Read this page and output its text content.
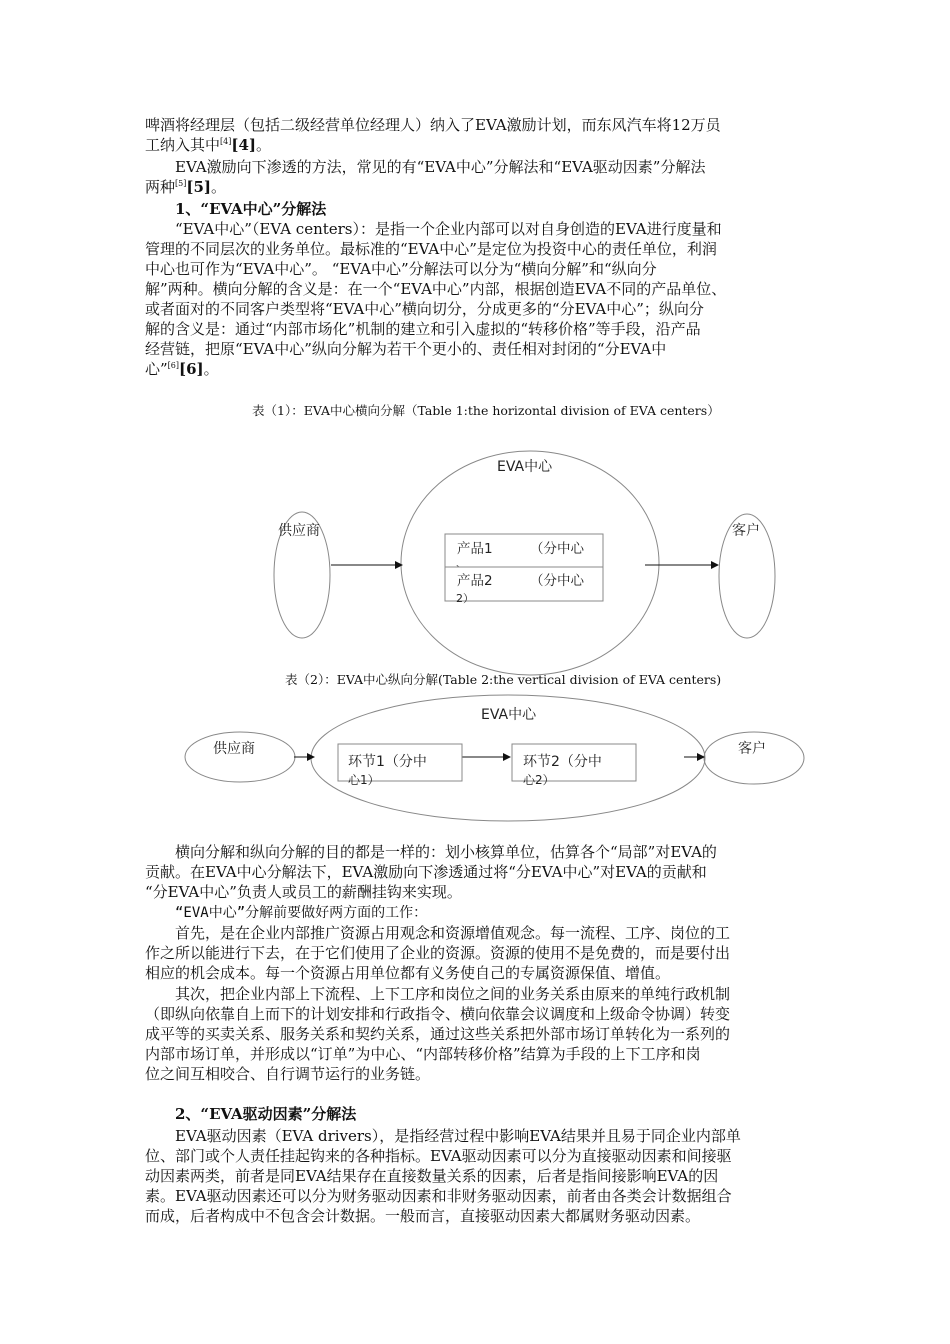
啤酒将经理层（包括二级经营单位经理人）纳入了EVA激励计划，而东风汽车将12万员
工纳入其中[4][4]。
EVA激励向下渗透的方法，常见的有“EVA中心”分解法和“EVA驱动因素”分解法
两种[5][5]。
1、“EVA中心”分解法
“EVA中心”（EVA centers）：是指一个企业内部可以对自身创造的EVA进行度量和
管理的不同层次的业务单位。最标准的“EVA中心”是定位为投资中心的责任单位，利润
中心也可作为“EVA中心”。 “EVA中心”分解法可以分为“横向分解”和“纵向分
解”两种。横向分解的含义是：在一个“EVA中心”内部，根据创造EVA不同的产品单位、
或者面对的不同客户类型将“EVA中心”横向切分，分成更多的“分EVA中心”；纵向分
解的含义是：通过“内部市场化”机制的建立和引入虚拟的“转移价格”等手段，沿产品
经营链，把原“EVA中心”纵向分解为若干个更小的、责任相对封闭的“分EVA中
心”[6][6]。
表（1）：EVA中心横向分解（Table 1:the horizontal division of EVA centers）
供应商
EVA中心
客户
产品1	（分中心
、
产品2	（分中心
2）
供应商
EVA中心
客户
环节1（分中
心1）
环节2（分中
心2）
表（2）：EVA中心纵向分解(Table 2:the vertical division of EVA centers)
横向分解和纵向分解的目的都是一样的：划小核算单位，估算各个“局部”对EVA的
贡献。在EVA中心分解法下，EVA激励向下渗透通过将“分EVA中心”对EVA的贡献和
“分EVA中心”负责人或员工的薪酬挂钩来实现。
“EVA中心”分解前要做好两方面的工作：
首先，是在企业内部推广资源占用观念和资源增值观念。每一流程、工序、岗位的工
作之所以能进行下去，在于它们使用了企业的资源。资源的使用不是免费的，而是要付出
相应的机会成本。每一个资源占用单位都有义务使自己的专属资源保值、增值。
其次，把企业内部上下流程、上下工序和岗位之间的业务关系由原来的单纯行政机制
（即纵向依靠自上而下的计划安排和行政指令、横向依靠会议调度和上级命令协调）转变
成平等的买卖关系、服务关系和契约关系，通过这些关系把外部市场订单转化为一系列的
内部市场订单，并形成以“订单”为中心、“内部转移价格”结算为手段的上下工序和岗
位之间互相咬合、自行调节运行的业务链。
2、“EVA驱动因素”分解法
EVA驱动因素（EVA drivers），是指经营过程中影响EVA结果并且易于同企业内部单
位、部门或个人责任挂起钩来的各种指标。EVA驱动因素可以分为直接驱动因素和间接驱
动因素两类，前者是同EVA结果存在直接数量关系的因素，后者是指间接影响EVA的因
素。EVA驱动因素还可以分为财务驱动因素和非财务驱动因素，前者由各类会计数据组合
而成，后者构成中不包含会计数据。一般而言，直接驱动因素大都属财务驱动因素。
